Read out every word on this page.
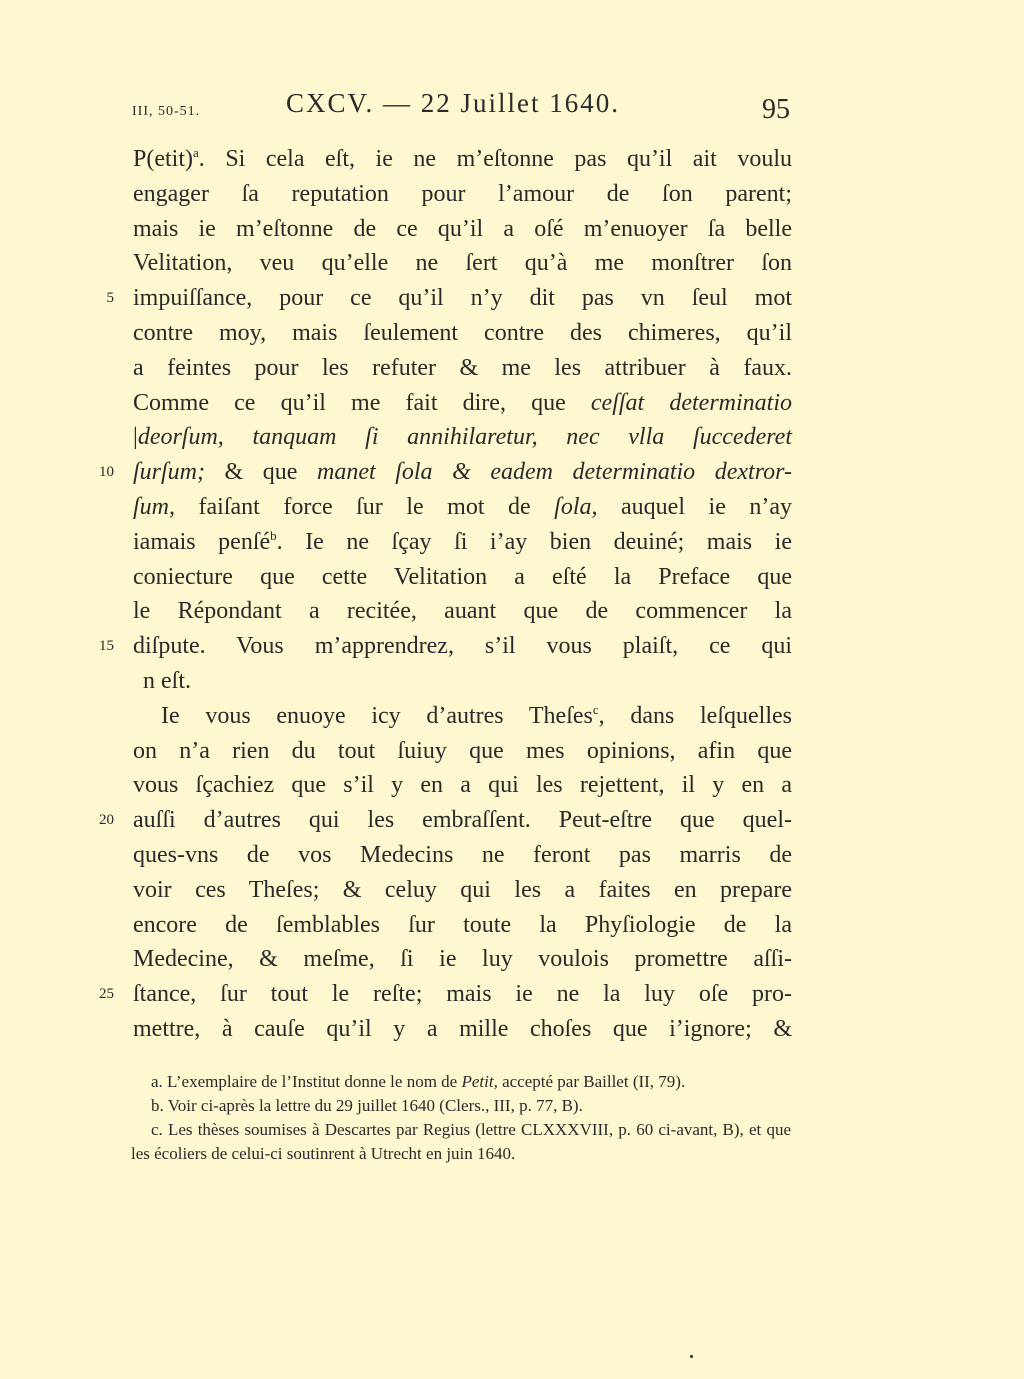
III, 50-51.	CXCV. — 22 Juillet 1640.	95
P(etit)$^a$. Si cela eſt, ie ne m’eſtonne pas qu’il ait voulu
engager ſa reputation pour l’amour de ſon parent;
mais ie m’eſtonne de ce qu’il a oſé m’enuoyer ſa belle
Velitation, veu qu’elle ne ſert qu’à me monſtrer ſon
impuiſſance, pour ce qu’il n’y dit pas vn ſeul mot
contre moy, mais ſeulement contre des chimeres, qu’il
a feintes pour les refuter & me les attribuer à faux.
Comme ce qu’il me fait dire, que ceſſat determinatio
|deorſum, tanquam ſi annihilaretur, nec vlla ſuccederet
ſurſum; & que manet ſola & eadem determinatio dextror-
ſum, faiſant force ſur le mot de ſola, auquel ie n’ay
iamais penſé$^b$. Ie ne ſçay ſi i’ay bien deuiné; mais ie
coniecture que cette Velitation a eſté la Preface que
le Répondant a recitée, auant que de commencer la
diſpute. Vous m’apprendrez, s’il vous plaiſt, ce qui
n eſt.
Ie vous enuoye icy d’autres Theſes$^c$, dans leſquelles
on n’a rien du tout ſuiuy que mes opinions, afin que
vous ſçachiez que s’il y en a qui les rejettent, il y en a
auſſi d’autres qui les embraſſent. Peut-eſtre que quel-
ques-vns de vos Medecins ne feront pas marris de
voir ces Theſes; & celuy qui les a faites en prepare
encore de ſemblables ſur toute la Phyſiologie de la
Medecine, & meſme, ſi ie luy voulois promettre aſſi-
ſtance, ſur tout le reſte; mais ie ne la luy oſe pro-
mettre, à cauſe qu’il y a mille choſes que i’ignore; &
5
10
15
20
25

a. L’exemplaire de l’Institut donne le nom de Petit, accepté par Baillet (II, 79).

b. Voir ci-après la lettre du 29 juillet 1640 (Clers., III, p. 77, B).

c. Les thèses soumises à Descartes par Regius (lettre CLXXXVIII, p. 60 ci-avant, B), et que les écoliers de celui-ci soutinrent à Utrecht en juin 1640.
